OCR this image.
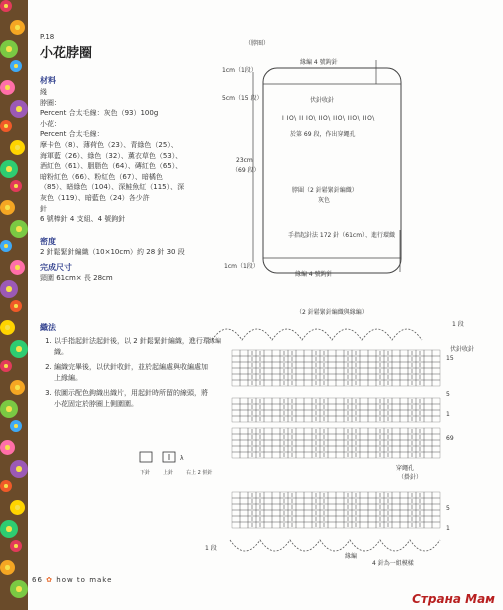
P.18
小花脖圈
材料
綫
脖圈：
Percent 合太毛線：灰色（93）100g
小花：
Percent 合太毛線：
摩卡色（8）、薄荷色（23）、青綠色（25）、
海軍藍（26）、綠色（32）、薰衣草色（53）、
酒紅色（61）、胭脂色（64）、磚紅色（65）、
暗粉紅色（66）、粉紅色（67）、暗橘色
（85）、暗綠色（104）、深鮭魚紅（115）、深
灰色（119）、暗藍色（24）各少許
針
6 號棒針 4 支組、4 號鉤針
密度
2 針鬆緊針編織（10×10cm）約 28 針 30 段
完成尺寸
頸圍 61cm× 長 28cm
織法
1. 以手指起針法起針後，以 2 針鬆緊針編織，進行環織。
2. 編織完畢後，以伏針收針，並於起編處與收編處加上緣編。
3. 依圖示配色鉤織出織片，用起針時所留的線頭，將小花固定於脖圈上側圍圍。
（脖圈）
緣編 4 號鉤針
伏針收針
I IO\ II IO\ IIO\ IIO\ IIO\ IIO\
於第 69 段，作出穿繩孔
脖圍（2 針鬆緊針編織）
灰色
手指起針法 172 針（61cm）、進行環織
緣編 4 號鉤針
1cm（1段）
5cm（15 段）
23cm
（69 段）
1cm（1段）
（2 針鬆緊針編織與緣編）
緣編
1 段
伏針收針
15
5
1
69
5
1
穿繩孔
（掛針）
緣編
1 段
4 針為一組模樣
λ
下針	上針	右上 2 併針
66 ✿ how to make
Страна Мам
